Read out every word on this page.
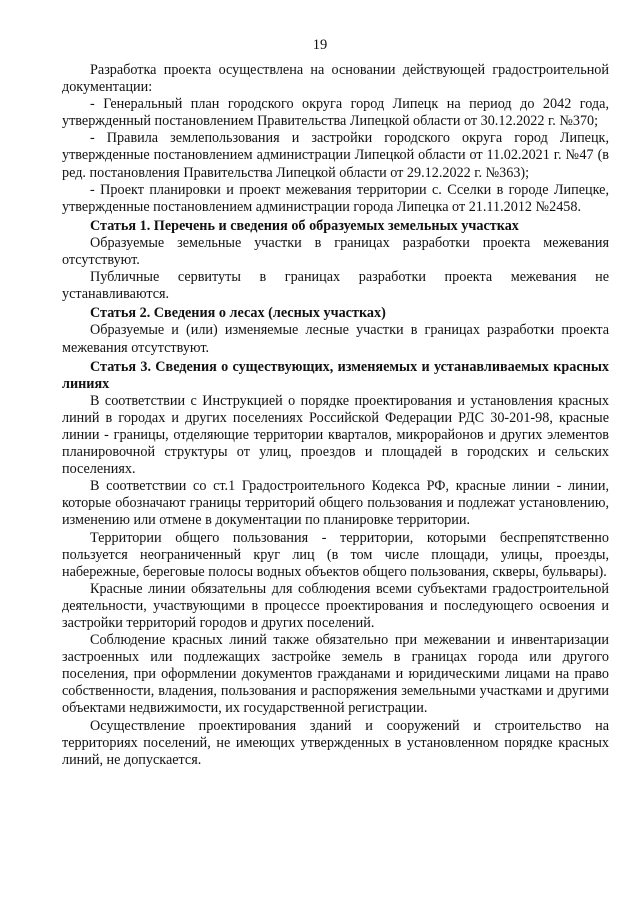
19

Разработка проекта осуществлена на основании действующей градостроительной документации:

- Генеральный план городского округа город Липецк на период до 2042 года, утвержденный постановлением Правительства Липецкой области от 30.12.2022 г. №370;

- Правила землепользования и застройки городского округа город Липецк, утвержденные постановлением администрации Липецкой области от 11.02.2021 г. №47 (в ред. постановления Правительства Липецкой области от 29.12.2022 г. №363);

- Проект планировки и проект межевания территории с. Сселки в городе Липецке, утвержденные постановлением администрации города Липецка от 21.11.2012 №2458.

Статья 1. Перечень и сведения об образуемых земельных участках

Образуемые земельные участки в границах разработки проекта межевания отсутствуют.

Публичные сервитуты в границах разработки проекта межевания не устанавливаются.

Статья 2. Сведения о лесах (лесных участках)

Образуемые и (или) изменяемые лесные участки в границах разработки проекта межевания отсутствуют.

Статья 3. Сведения о существующих, изменяемых и устанавливаемых красных линиях

В соответствии с Инструкцией о порядке проектирования и установления красных линий в городах и других поселениях Российской Федерации РДС 30-201-98, красные линии - границы, отделяющие территории кварталов, микрорайонов и других элементов планировочной структуры от улиц, проездов и площадей в городских и сельских поселениях.

В соответствии со ст.1 Градостроительного Кодекса РФ, красные линии - линии, которые обозначают границы территорий общего пользования и подлежат установлению, изменению или отмене в документации по планировке территории.

Территории общего пользования - территории, которыми беспрепятственно пользуется неограниченный круг лиц (в том числе площади, улицы, проезды, набережные, береговые полосы водных объектов общего пользования, скверы, бульвары).

Красные линии обязательны для соблюдения всеми субъектами градостроительной деятельности, участвующими в процессе проектирования и последующего освоения и застройки территорий городов и других поселений.

Соблюдение красных линий также обязательно при межевании и инвентаризации застроенных или подлежащих застройке земель в границах города или другого поселения, при оформлении документов гражданами и юридическими лицами на право собственности, владения, пользования и распоряжения земельными участками и другими объектами недвижимости, их государственной регистрации.

Осуществление проектирования зданий и сооружений и строительство на территориях поселений, не имеющих утвержденных в установленном порядке красных линий, не допускается.
